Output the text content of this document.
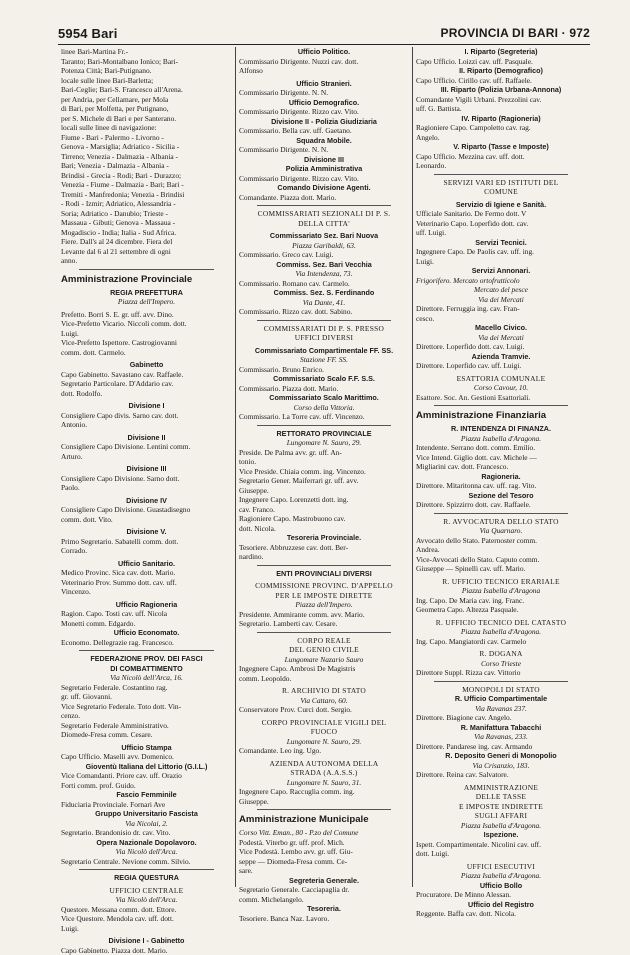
5954 Bari	PROVINCIA DI BARI · 972
linee Bari-Martina Fr.-
Taranto; Bari-Montalbano Ionico; Bari-
Potenza Città; Bari-Putignano.
locale sulle linee Bari-Barletta;
Bari-Ceglie; Bari-S. Francesco all'Arena.
per Andria, per Cellamare, per Mola
di Bari, per Molfetta, per Putignano,
per S. Michele di Bari e per Santerano.
locali sulle linee di navigazione:
Fiume - Bari - Palermo - Livorno -
Genova - Marsiglia; Adriatico - Sicilia -
Tirreno; Venezia - Dalmazia - Albania -
Bari; Venezia - Dalmazia - Albania -
Brindisi - Grecia - Rodi; Bari - Durazzo;
Venezia - Fiume - Dalmazia - Bari; Bari -
Tremiti - Manfredonia; Venezia - Brindisi
- Rodi - Izmir; Adriatico, Alessandria -
Soria; Adriatico - Danubio; Trieste -
Massaua - Gibuti; Genova - Massaua -
Mogadiscio - India; Italia - Sud Africa.
Fiere. Dall's al 24 dicembre. Fiera del
Levante dal 6 al 21 settembre di ogni
anno.
Amministrazione Provinciale
REGIA PREFETTURA
Piazza dell'Impero.
Prefetto. Borri S. E. gr. uff. avv. Dino.
Vice-Prefetto Vicario. Niccoli comm. dott.
Luigi.
Vice-Prefetto Ispettore. Castrogiovanni
comm. dott. Carmelo.
Gabinetto
Capo Gabinetto. Savastano cav. Raffaele.
Segretario Particolare. D'Addario cav.
dott. Rodolfo.
Divisione I
Consigliere Capo divis. Sarno cav. dott.
Antonio.
Divisione II
Consigliere Capo Divisione. Lentini comm.
Arturo.
Divisione III
Consigliere Capo Divisione. Sarno dott.
Paolo.
Divisione IV
Consigliere Capo Divisione. Guastadisegno
comm. dott. Vito.
Divisione V.
Primo Segretario. Sabatelli comm. dott.
Corrado.
Ufficio Sanitario.
Medico Provinc. Sica cav. dott. Mario.
Veterinario Prov. Summo dott. cav. uff.
Vincenzo.
Ufficio Ragioneria
Ragion. Capo. Tosti cav. uff. Nicola
Monetti comm. Edgardo.
Ufficio Economato.
Economo. Dellegrazie rag. Francesco.
FEDERAZIONE PROV. DEI FASCI
DI COMBATTIMENTO
Via Nicolò dell'Arca, 16.
Segretario Federale. Costantino rag.
gr. uff. Giovanni.
Vice Segretario Federale. Toto dott. Vin-
cenzo.
Segretario Federale Amministrativo.
Diomede-Fresa comm. Cesare.
Ufficio Stampa
Capo Ufficio. Maselli avv. Domenico.
Gioventù Italiana del Littorio (G.I.L.)
Vice Comandanti. Priore cav. uff. Orazio
Forti comm. prof. Guido.
Fascio Femminile
Fiduciaria Provinciale. Fornari Ave
Gruppo Universitario Fascista
Via Nicolai, 2.
Segretario. Brandonisio dr. cav. Vito.
Opera Nazionale Dopolavoro.
Via Nicolò dell'Arca.
Segretario Centrale. Nevione comm. Silvio.
REGIA QUESTURA
UFFICIO CENTRALE
Via Nicolò dell'Arca.
Questore. Messana comm. dott. Ettore.
Vice Questore. Mendola cav. uff. dott.
Luigi.
Divisione I - Gabinetto
Capo Gabinetto. Piazza dott. Mario.
Ufficio Politico.
Commissario Dirigente. Nuzzi cav. dott.
Alfonso
Ufficio Stranieri.
Commissario Dirigente. N. N.
Ufficio Demografico.
Commissario Dirigente. Rizzo cav. Vito.
Divisione II - Polizia Giudiziaria
Commissario. Bella cav. uff. Gaetano.
Squadra Mobile.
Commissario Dirigente. N. N.
Divisione III
Polizia Amministrativa
Commissario Dirigente. Rizzo cav. Vito.
Comando Divisione Agenti.
Comandante. Piazza dott. Mario.
COMMISSARIATI SEZIONALI DI P. S.
DELLA CITTA'
Commissariato Sez. Bari Nuova
Piazza Garibaldi, 63.
Commissario. Greco cav. Luigi.
Commiss. Sez. Bari Vecchia
Via Intendenza, 73.
Commissario. Romano cav. Carmelo.
Commiss. Sez. S. Ferdinando
Via Dante, 41.
Commissario. Rizzo cav. dott. Sabino.
COMMISSARIATI DI P. S. PRESSO
UFFICI DIVERSI
Commissariato Compartimentale FF. SS.
Stazione FF. SS.
Commissario. Bruno Enrico.
Commissariato Scalo F.F. S.S.
Commissario. Piazza dott. Mario.
Commissariato Scalo Marittimo.
Corso della Vittoria.
Commissario. La Torre cav. uff. Vincenzo.
RETTORATO PROVINCIALE
Lungomare N. Sauro, 29.
Preside. De Palma avv. gr. uff. An-
tonio.
Vice Preside. Chiaia comm. ing. Vincenzo.
Segretario Gener. Maiferrari gr. uff. avv.
Giuseppe.
Ingegnere Capo. Lorenzetti dott. ing.
cav. Franco.
Ragioniere Capo. Mastrobuono cav.
dott. Nicola.
Tesoreria Provinciale.
Tesoriere. Abbruzzese cav. dott. Ber-
nardino.
ENTI PROVINCIALI DIVERSI
COMMISSIONE PROVINC. D'APPELLO
PER LE IMPOSTE DIRETTE
Piazza dell'Impero.
Presidente. Ammirante comm. avv. Mario.
Segretario. Lamberti cav. Cesare.
CORPO REALE
DEL GENIO CIVILE
Lungomare Nazario Sauro
Ingegnere Capo. Ambrosi De Magistris
comm. Leopoldo.
R. ARCHIVIO DI STATO
Via Cattaro, 60.
Conservatore Prov. Curci dott. Sergio.
CORPO PROVINCIALE VIGILI DEL
FUOCO
Lungomare N. Sauro, 29.
Comandante. Leo ing. Ugo.
AZIENDA AUTONOMA DELLA
STRADA (A.A.S.S.)
Lungomare N. Sauro, 31.
Ingegnere Capo. Raccuglia comm. ing.
Giuseppe.
Amministrazione Municipale
Corso Vitt. Eman., 80 - P.zo del Comune
Podestà. Viterbo gr. uff. prof. Mich.
Vice Podestà. Lembo avv. gr. uff. Giu-
seppe — Diomeda-Fresa comm. Ce-
sare.
Segreteria Generale.
Segretario Generale. Cacciapaglia dr.
comm. Michelangelo.
Tesoreria.
Tesoriere. Banca Naz. Lavoro.
I. Riparto (Segreteria)
Capo Ufficio. Loizzi cav. uff. Pasquale.
II. Riparto (Demografico)
Capo Ufficio. Cirillo cav. uff. Raffaele.
III. Riparto (Polizia Urbana-Annona)
Comandante Vigili Urbani. Prezzolini cav.
uff. G. Battista.
IV. Riparto (Ragioneria)
Ragioniere Capo. Campoletto cav. rag.
Angelo.
V. Riparto (Tasse e Imposte)
Capo Ufficio. Mezzina cav. uff. dott.
Leonardo.
SERVIZI VARI ED ISTITUTI DEL
COMUNE
Servizio di Igiene e Sanità.
Ufficiale Sanitario. De Fermo dott. V
Veterinario Capo. Loperfido dott. cav.
uff. Luigi.
Servizi Tecnici.
Ingegnere Capo. De Paolis cav. uff. ing.
Luigi.
Servizi Annonari.
Frigorifero. Mercato ortofrutticolo
Mercato del pesce
Via dei Mercati
Direttore. Ferruggia ing. cav. Fran-
cesco.
Macello Civico.
Via dei Mercati
Direttore. Loperfido dott. cav. Luigi.
Azienda Tramvie.
Direttore. Loperfido cav. uff. Luigi.
ESATTORIA COMUNALE
Corso Cavour, 10.
Esattore. Soc. An. Gestioni Esattoriali.
Amministrazione Finanziaria
R. INTENDENZA DI FINANZA.
Piazza Isabella d'Aragona.
Intendente. Serrano dott. comm. Emilio.
Vice Intend. Giglio dott. cav. Michele —
Migliarini cav. dott. Francesco.
Ragioneria.
Direttore. Mitaritonna cav. uff. rag. Vito.
Sezione del Tesoro
Direttore. Spizzirro dott. cav. Raffaele.
R. AVVOCATURA DELLO STATO
Via Quarnaro.
Avvocato dello Stato. Paternoster comm.
Andrea.
Vice-Avvocati dello Stato. Caputo comm.
Giuseppe — Spinelli cav. uff. Mario.
R. UFFICIO TECNICO ERARIALE
Piazza Isabella d'Aragona
Ing. Capo. De Maria cav. ing. Franc.
Geometra Capo. Altezza Pasquale.
R. UFFICIO TECNICO DEL CATASTO
Piazza Isabella d'Aragona.
Ing. Capo. Mangiatordi cav. Carmelo
R. DOGANA
Corso Trieste
Direttore Suppl. Rizza cav. Vittorio
MONOPOLI DI STATO
R. Ufficio Compartimentale
Via Ravanas 237.
Direttore. Biagione cav. Angelo.
R. Manifattura Tabacchi
Via Ravanas, 233.
Direttore. Pandarese ing. cav. Armando
R. Deposito Generi di Monopolio
Via Crisanzio, 183.
Direttore. Reina cav. Salvatore.
AMMINISTRAZIONE
DELLE TASSE
E IMPOSTE INDIRETTE
SUGLI AFFARI
Piazza Isabella d'Aragona.
Ispezione.
Ispett. Compartimentale. Nicolini cav. uff.
dott. Luigi.
UFFICI ESECUTIVI
Piazza Isabella d'Aragona.
Ufficio Bollo
Procuratore. De Minno Alessan.
Ufficio del Registro
Reggente. Baffa cav. dott. Nicola.
